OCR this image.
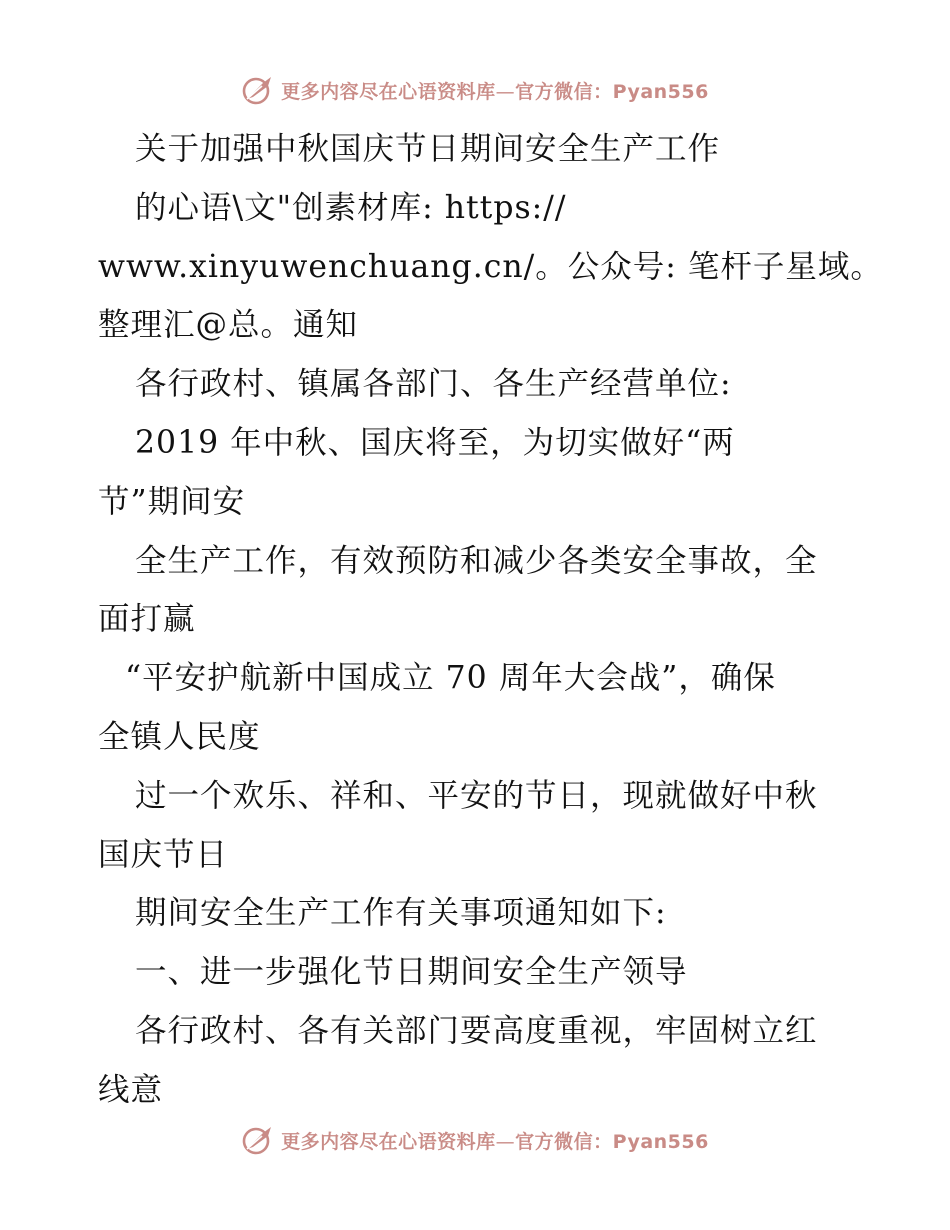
更多内容尽在心语资料库—官方微信：Pyan556
关于加强中秋国庆节日期间安全生产工作
的心语\文"创素材库: https://
www.xinyuwenchuang.cn/。公众号: 笔杆子星域。
整理汇@总。通知
各行政村、镇属各部门、各生产经营单位:
2019 年中秋、国庆将至，为切实做好“两
节”期间安
全生产工作，有效预防和减少各类安全事故，全
面打赢
“平安护航新中国成立 70 周年大会战”，确保
全镇人民度
过一个欢乐、祥和、平安的节日，现就做好中秋
国庆节日
期间安全生产工作有关事项通知如下:
一、进一步强化节日期间安全生产领导
各行政村、各有关部门要高度重视，牢固树立红
线意
更多内容尽在心语资料库—官方微信：Pyan556
